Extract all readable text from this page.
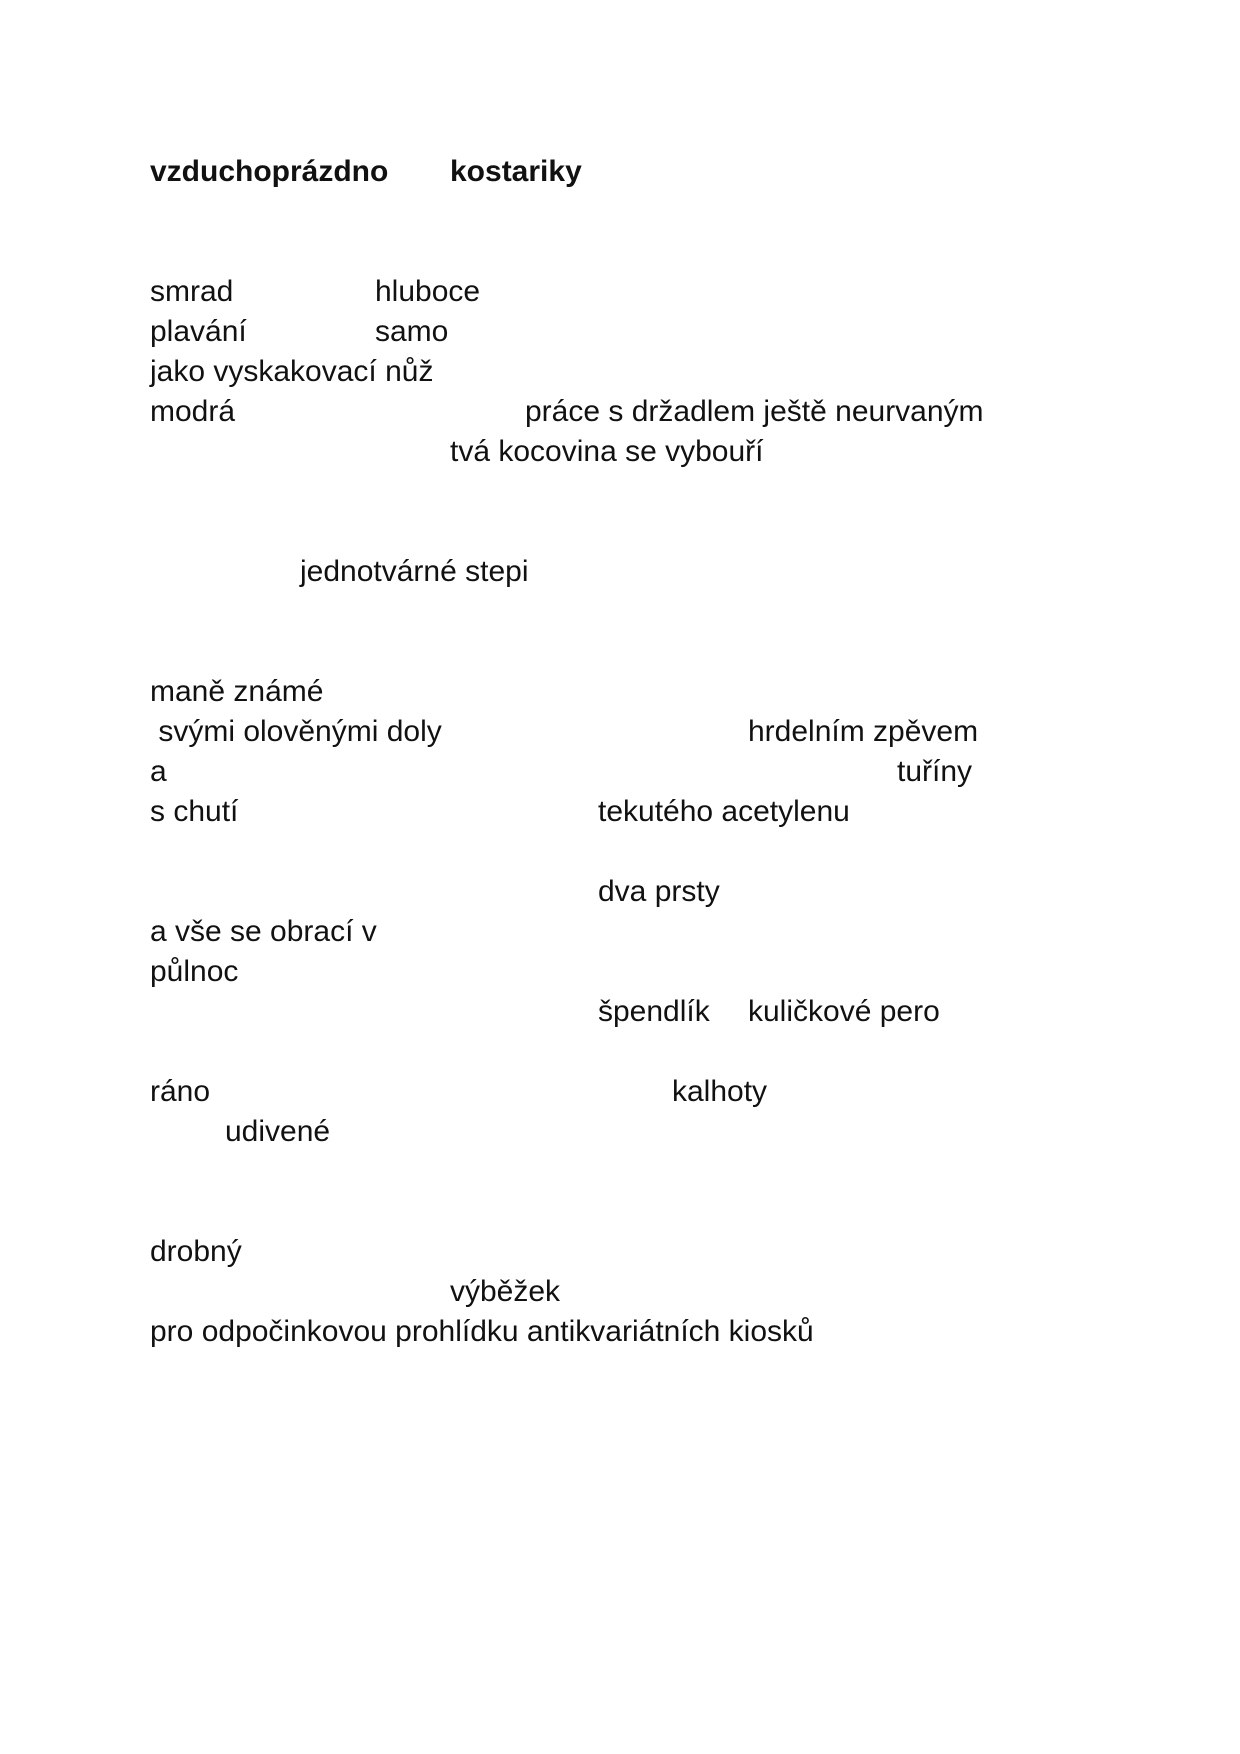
vzduchoprázdno kostariky
smrad	hluboce
plavání	samo
jako vyskakovací nůž
modrá	práce s držadlem ještě neurvaným
tvá kocovina se vybouří
jednotvárné stepi
maně známé
svými olověnými doly	hrdelním zpěvem
a	tuříny
s chutí	tekutého acetylenu
dva prsty
a vše se obrací v
půlnoc
špendlík kuličkové pero
ráno	kalhoty
udivené
drobný
výběžek
pro odpočinkovou prohlídku antikvariátních kiosků
